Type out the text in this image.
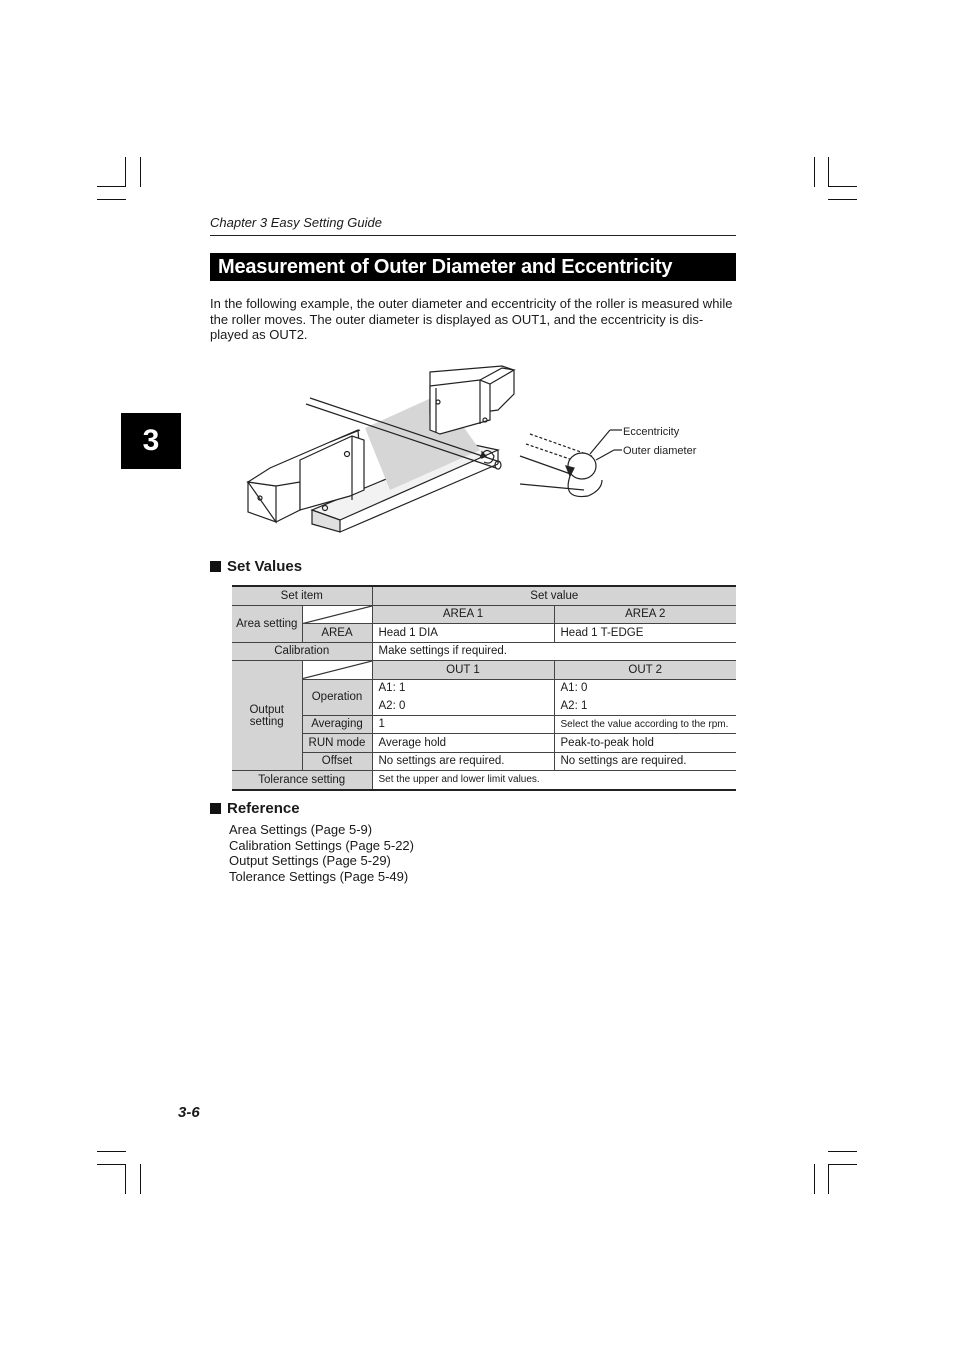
Chapter 3 Easy Setting Guide
Measurement of Outer Diameter and Eccentricity
In the following example, the outer diameter and eccentricity of the roller is measured while
the roller moves. The outer diameter is displayed as OUT1, and the eccentricity is dis-
played as OUT2.
3	Eccentricity
Outer diameter
Set Values
Set item		Set value	
Area setting		AREA 1	AREA 2
	AREA	Head 1 DIA	Head 1 T-EDGE
Calibration		Make settings if required.	

Output
setting		OUT 1	OUT 2
	Operation	A1: 1	A1: 0
		A2: 0	A2: 1
	Averaging	1	Select the value according to the rpm.
	RUN mode	Average hold	Peak-to-peak hold
	Offset	No settings are required.	No settings are required.
Tolerance setting		Set the upper and lower limit values.	
Reference
Area Settings (Page 5-9)
Calibration Settings (Page 5-22)
Output Settings (Page 5-29)
Tolerance Settings (Page 5-49)
3-6
